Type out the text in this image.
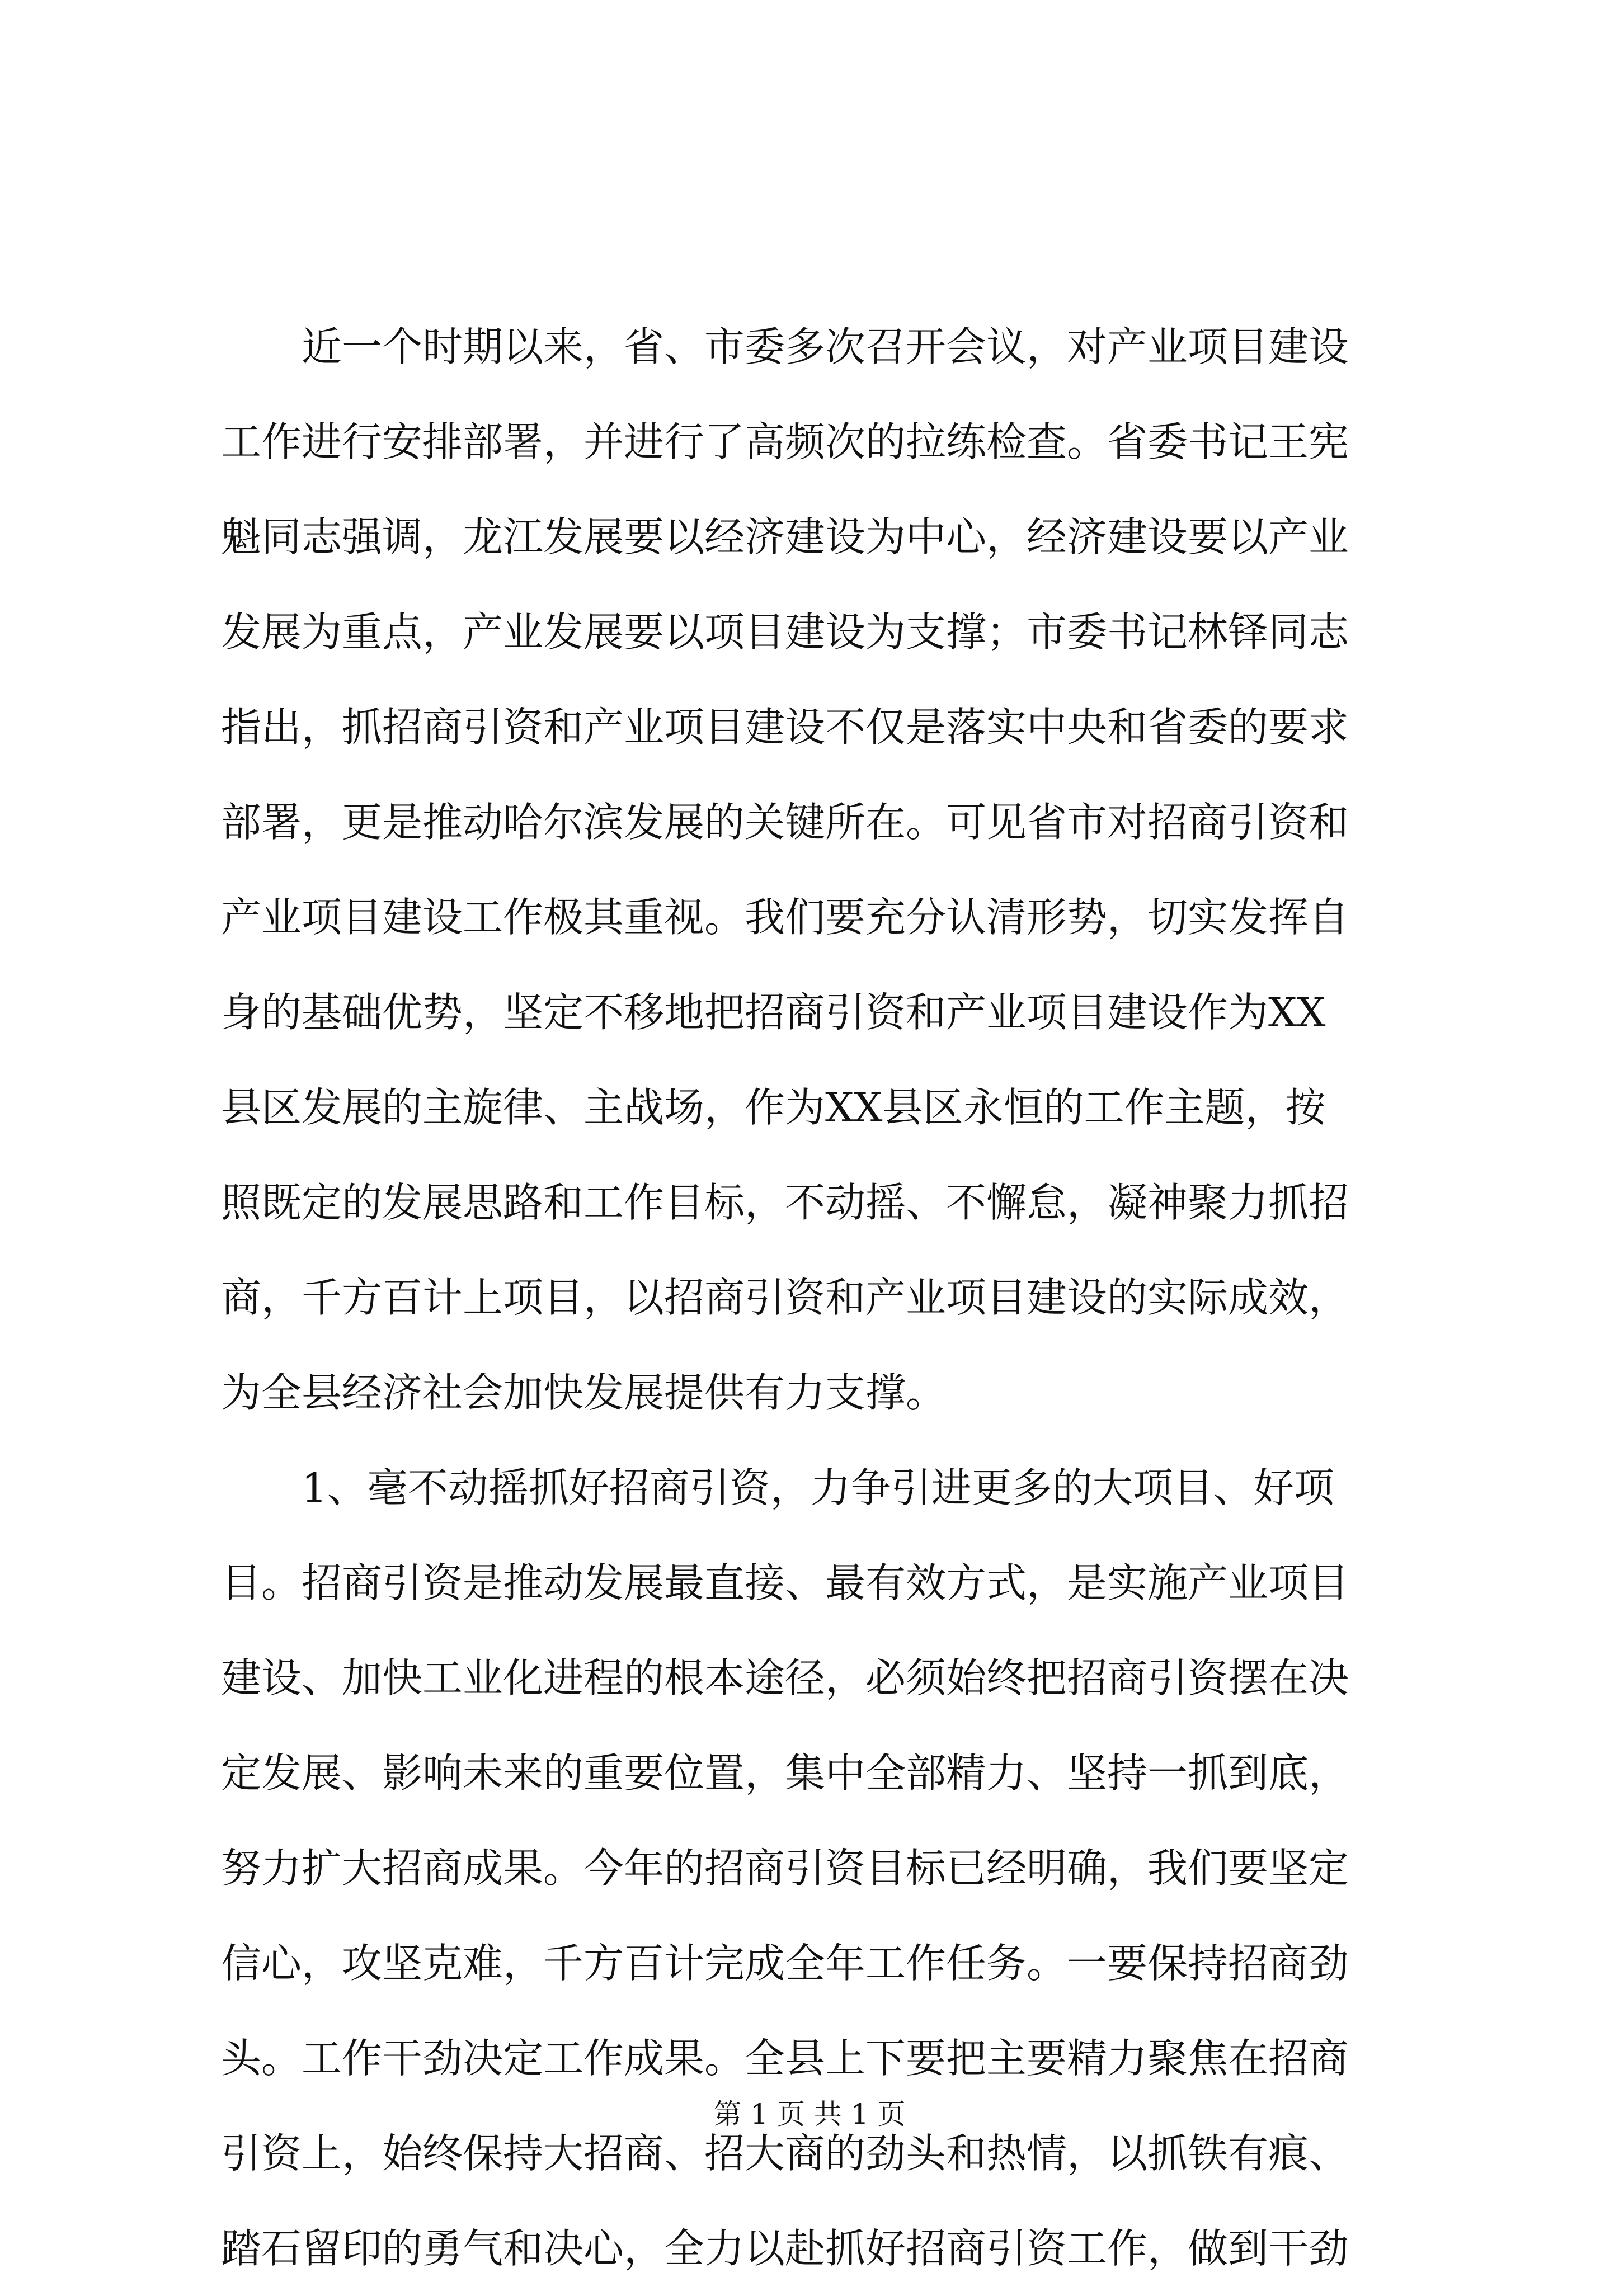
　　近一个时期以来，省、市委多次召开会议，对产业项目建设
工作进行安排部署，并进行了高频次的拉练检查。省委书记王宪
魁同志强调，龙江发展要以经济建设为中心，经济建设要以产业
发展为重点，产业发展要以项目建设为支撑；市委书记林铎同志
指出，抓招商引资和产业项目建设不仅是落实中央和省委的要求
部署，更是推动哈尔滨发展的关键所在。可见省市对招商引资和
产业项目建设工作极其重视。我们要充分认清形势，切实发挥自
身的基础优势，坚定不移地把招商引资和产业项目建设作为XX
县区发展的主旋律、主战场，作为XX县区永恒的工作主题，按
照既定的发展思路和工作目标，不动摇、不懈怠，凝神聚力抓招
商，千方百计上项目，以招商引资和产业项目建设的实际成效，
为全县经济社会加快发展提供有力支撑。
　　1、毫不动摇抓好招商引资，力争引进更多的大项目、好项
目。招商引资是推动发展最直接、最有效方式，是实施产业项目
建设、加快工业化进程的根本途径，必须始终把招商引资摆在决
定发展、影响未来的重要位置，集中全部精力、坚持一抓到底，
努力扩大招商成果。今年的招商引资目标已经明确，我们要坚定
信心，攻坚克难，千方百计完成全年工作任务。一要保持招商劲
头。工作干劲决定工作成果。全县上下要把主要精力聚焦在招商
引资上，始终保持大招商、招大商的劲头和热情，以抓铁有痕、
踏石留印的勇气和决心，全力以赴抓好招商引资工作，做到干劲
第 1 页 共 1 页
